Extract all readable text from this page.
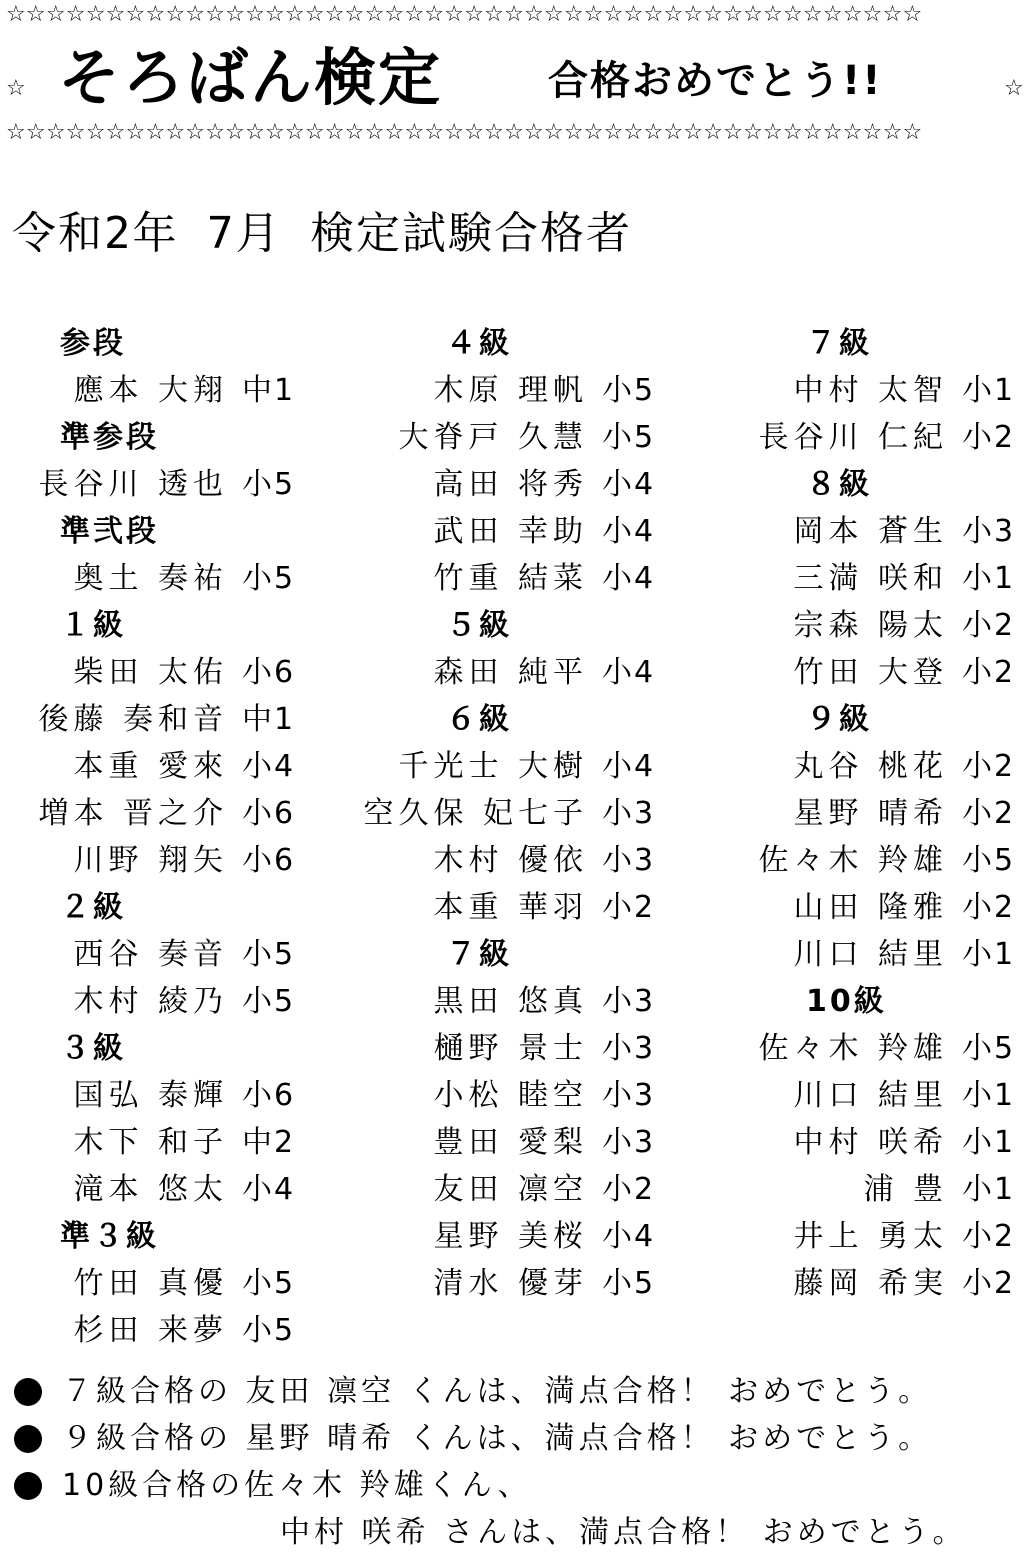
☆☆☆☆☆☆☆☆☆☆☆☆☆☆☆☆☆☆☆☆☆☆☆☆☆☆☆☆☆☆☆☆☆☆☆☆☆☆☆☆☆☆☆☆☆☆
☆ そろばん検定	合格おめでとう!!	☆
☆☆☆☆☆☆☆☆☆☆☆☆☆☆☆☆☆☆☆☆☆☆☆☆☆☆☆☆☆☆☆☆☆☆☆☆☆☆☆☆☆☆☆☆☆☆
令和2年 7月 検定試験合格者
参段
應本 大翔 中1
準参段
長谷川 透也 小5
準弐段
奥土 奏祐 小5
１級
柴田 太佑 小6
後藤 奏和音 中1
本重 愛來 小4
増本 晋之介 小6
川野 翔矢 小6
２級
西谷 奏音 小5
木村 綾乃 小5
３級
国弘 泰輝 小6
木下 和子 中2
滝本 悠太 小4
準３級
竹田 真優 小5
杉田 来夢 小5
４級
木原 理帆 小5
大脊戸 久慧 小5
高田 将秀 小4
武田 幸助 小4
竹重 結菜 小4
５級
森田 純平 小4
６級
千光士 大樹 小4
空久保 妃七子 小3
木村 優依 小3
本重 華羽 小2
７級
黒田 悠真 小3
樋野 景士 小3
小松 睦空 小3
豊田 愛梨 小3
友田 凛空 小2
星野 美桜 小4
清水 優芽 小5
７級
中村 太智 小1
長谷川 仁紀 小2
８級
岡本 蒼生 小3
三満 咲和 小1
宗森 陽太 小2
竹田 大登 小2
９級
丸谷 桃花 小2
星野 晴希 小2
佐々木 羚雄 小5
山田 隆雅 小2
川口 結里 小1
10級
佐々木 羚雄 小5
川口 結里 小1
中村 咲希 小1
浦 豊 小1
井上 勇太 小2
藤岡 希実 小2
７級合格の 友田 凛空 くんは、満点合格！ おめでとう。
９級合格の 星野 晴希 くんは、満点合格！ おめでとう。
10級合格の佐々木 羚雄くん、
中村 咲希 さんは、満点合格！ おめでとう。
